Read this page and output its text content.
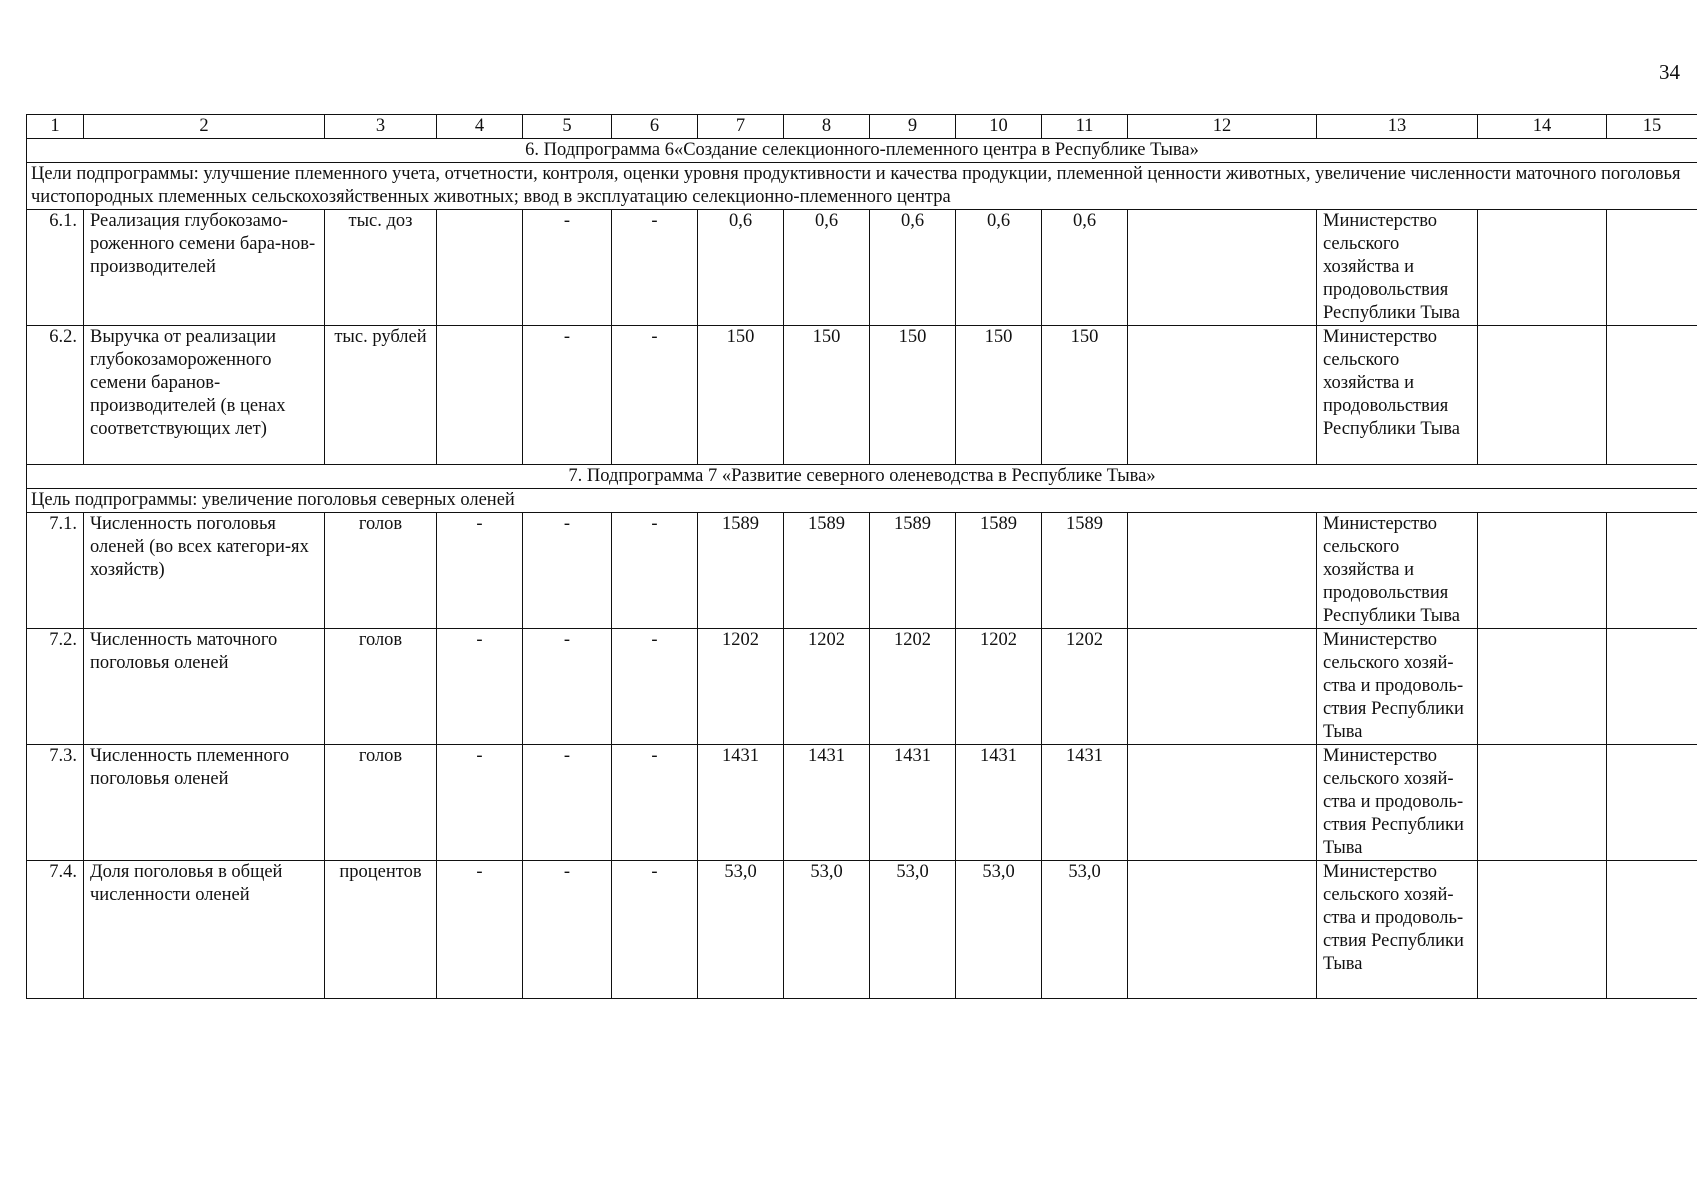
34
1	2	3	4	5	6	7	8	9	10	11	12	13	14	15
6. Подпрограмма 6«Создание селекционного-племенного центра в Республике Тыва»														
Цели подпрограммы: улучшение племенного учета, отчетности, контроля, оценки уровня продуктивности и качества продукции, племенной ценности животных, увеличение численности маточного поголовья чистопородных племенных сельскохозяйственных животных; ввод в эксплуатацию селекционно-племенного центра														
6.1.	Реализация глубокозамо-роженного семени бара-нов-производителей	тыс. доз		-	-	0,6	0,6	0,6	0,6	0,6		Министерство сельского хозяйства и продовольствия Республики Тыва		
6.2.	Выручка от реализации глубокозамороженного семени баранов-производителей (в ценах соответствующих лет)	тыс. рублей		-	-	150	150	150	150	150		Министерство сельского хозяйства и продовольствия Республики Тыва		
7. Подпрограмма 7 «Развитие северного оленеводства в Республике Тыва»														
Цель подпрограммы: увеличение поголовья северных оленей														
7.1.	Численность поголовья оленей (во всех категори-ях хозяйств)	голов	-	-	-	1589	1589	1589	1589	1589		Министерство сельского хозяйства и продовольствия Республики Тыва		
7.2.	Численность маточного поголовья оленей	голов	-	-	-	1202	1202	1202	1202	1202		Министерство сельского хозяй-ства и продоволь-ствия Республики Тыва		
7.3.	Численность племенного поголовья оленей	голов	-	-	-	1431	1431	1431	1431	1431		Министерство сельского хозяй-ства и продоволь-ствия Республики Тыва		
7.4.	Доля поголовья в общей численности оленей	процентов	-	-	-	53,0	53,0	53,0	53,0	53,0		Министерство сельского хозяй-ства и продоволь-ствия Республики Тыва		
